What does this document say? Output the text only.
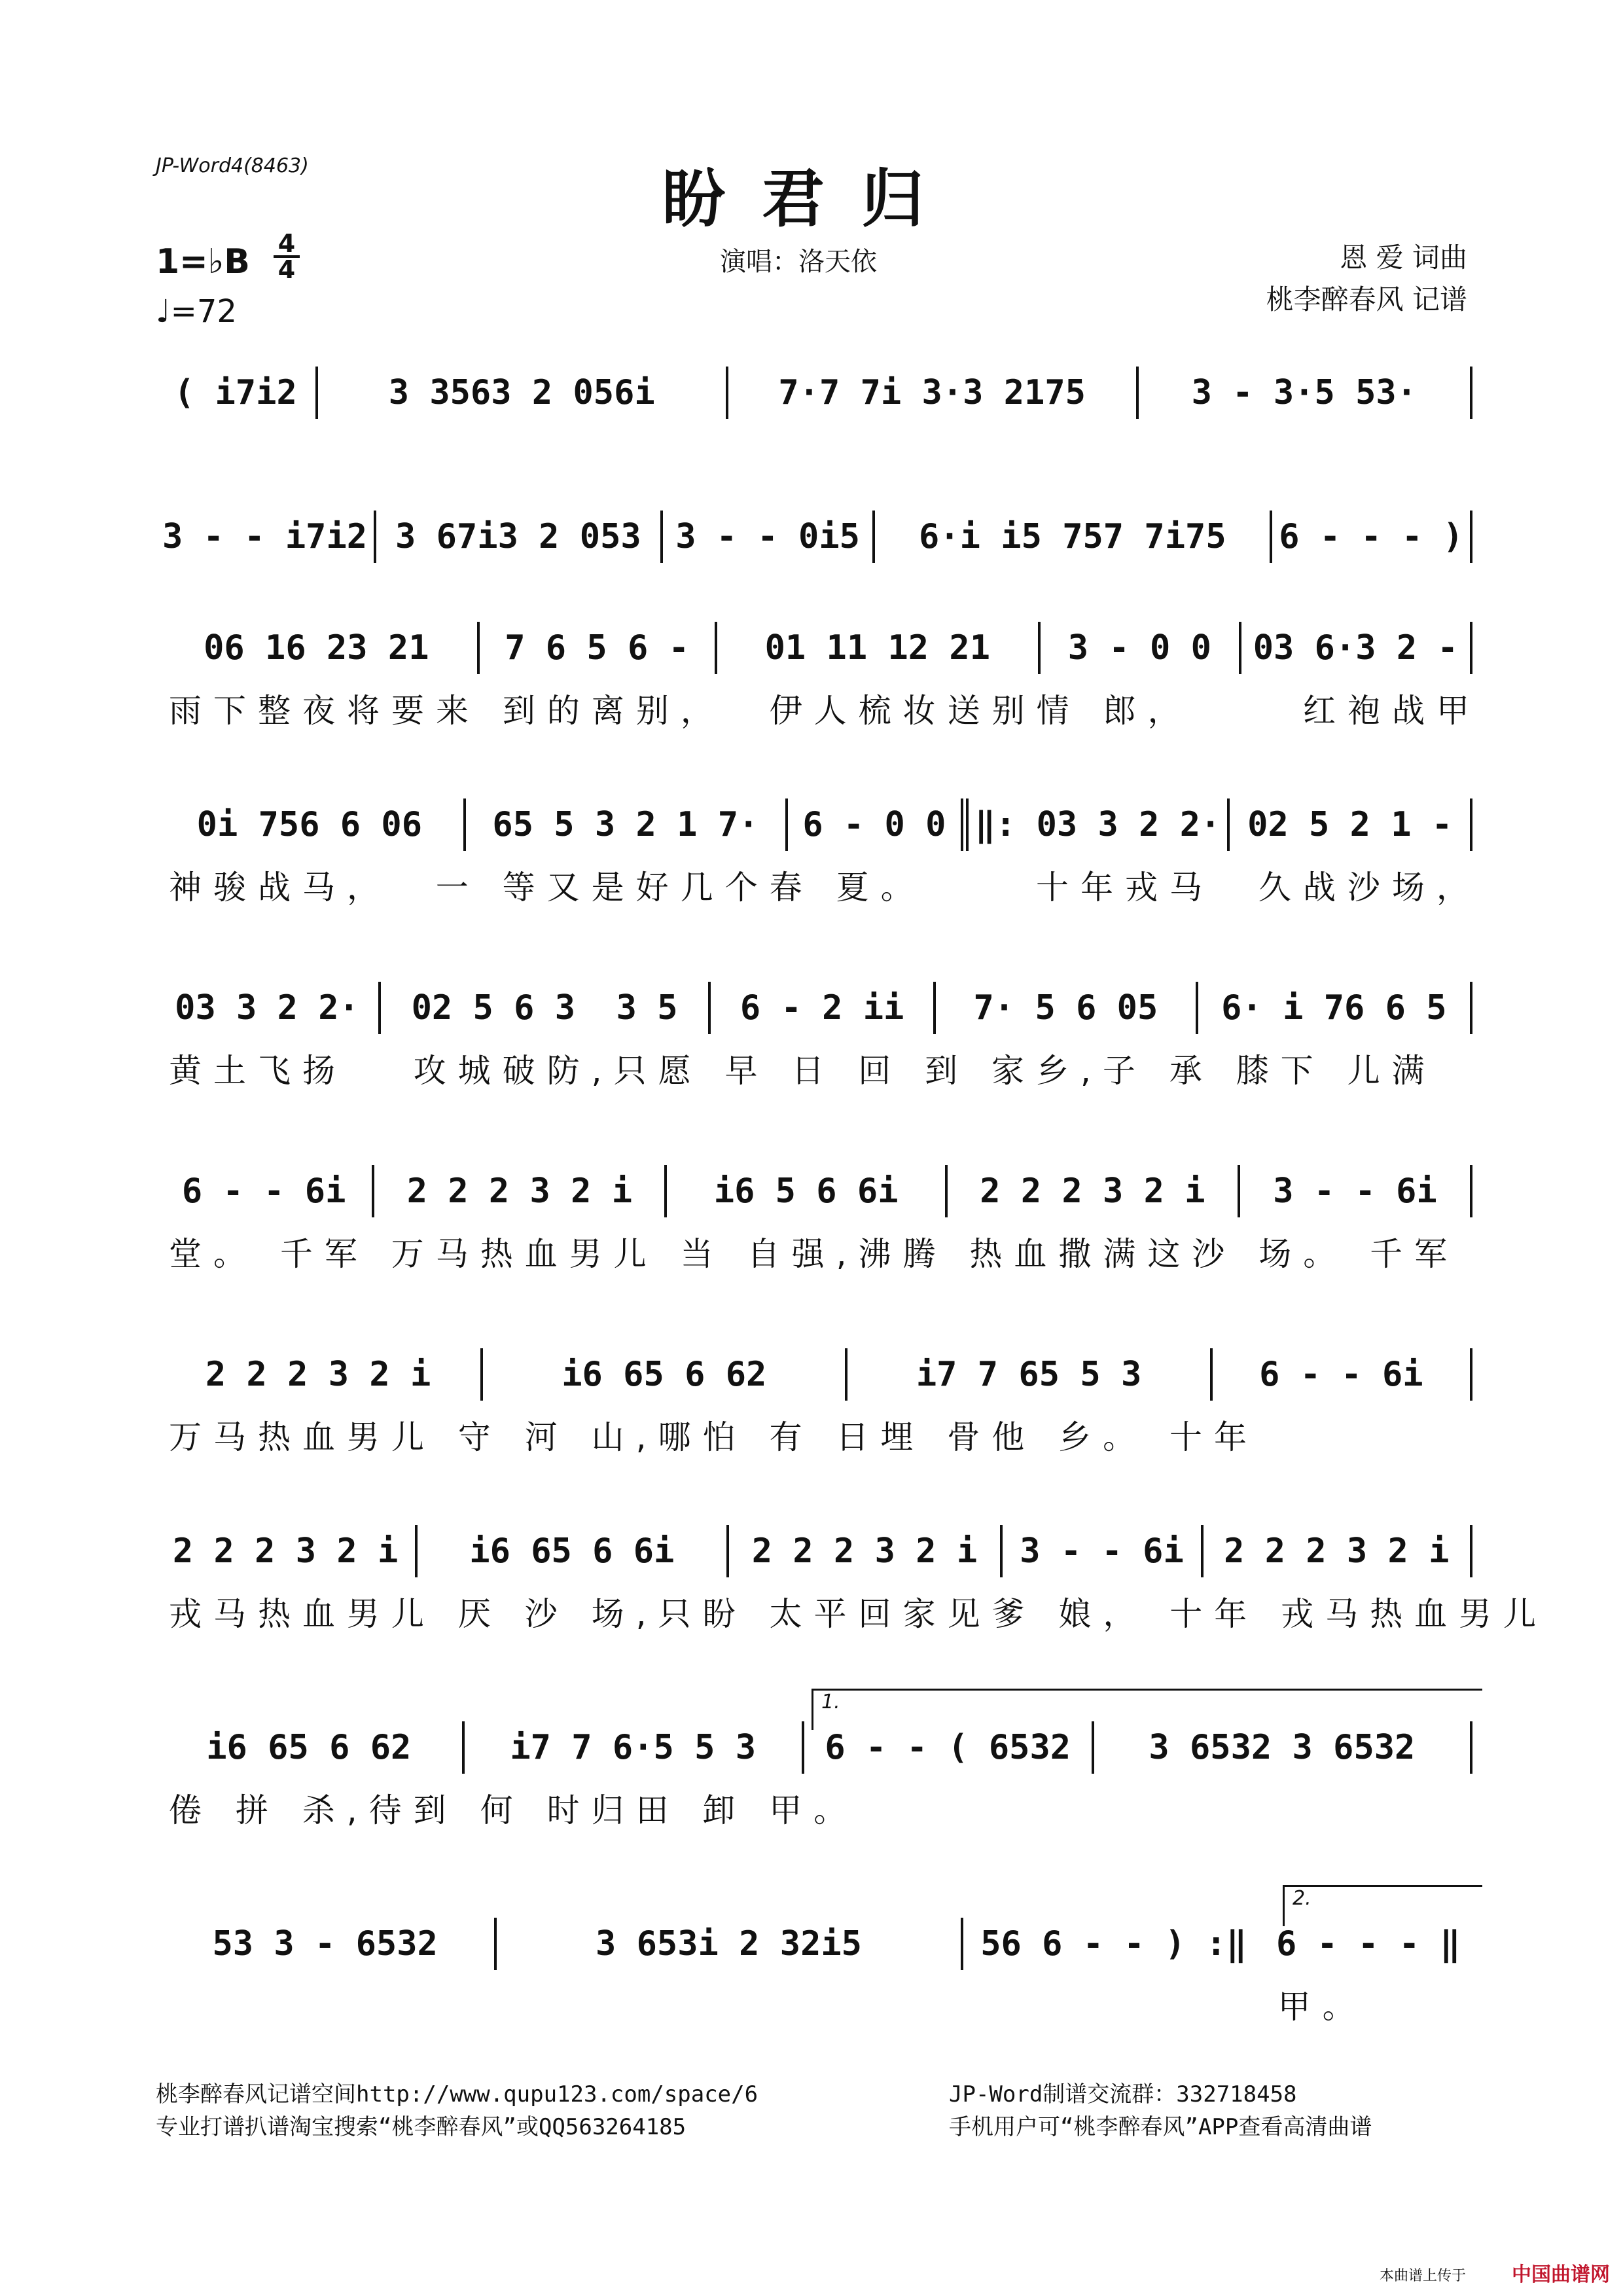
JP-Word4(8463)	盼君归
演唱：洛天依	恩 爱 词曲
桃李醉春风 记谱
1=♭B 4
4
♩=72
( i7i2	3 3563 2 056i	7·7 7i 3·3 2175	3 - 3·5 53·
3 - - i7i2 3 67i3 2 053 3 - - 0i5 6·i i5 757 7i75 6 - - - )
06 16 23 21 7 6 5 6 - 01 11 12 21 3 - 0 0 03 6·3 2 -
雨下整夜将要来 到的离别，  伊人梳妆送别情 郎，     红袍战甲
0i 756 6 06 65 5 3 2 1 7· 6 - 0 0 ‖: 03 3 2 2· 02 5 2 1 -
神骏战马，  一 等又是好几个春 夏。     十年戎马  久战沙场，
03 3 2 2· 02 5 6 3  3 5 6 - 2 ii 7· 5 6 05 6· i 76 6 5
黄土飞扬   攻城破防,只愿 早 日 回 到 家乡,子 承 膝下 儿满
6 - - 6i 2 2 2 3 2 i i6 5 6 6i 2 2 2 3 2 i 3 - - 6i
堂。 千军 万马热血男儿 当 自强,沸腾 热血撒满这沙 场。 千军
2 2 2 3 2 i	i6 65 6 62	i7 7 65 5 3	6 - - 6i
万马热血男儿 守 河 山,哪怕 有 日埋 骨他 乡。 十年
2 2 2 3 2 i i6 65 6 6i 2 2 2 3 2 i 3 - - 6i 2 2 2 3 2 i
戎马热血男儿 厌 沙 场,只盼 太平回家见爹 娘， 十年 戎马热血男儿
1.
i6 65 6 62	i7 7 6·5 5 3 6 - - ( 6532 3 6532 3 6532
倦 拼 杀,待到 何 时归田 卸 甲。
2.
53 3 - 6532	3 653i 2 32i5	56 6 - - ) :‖ 6 - - - ‖
甲。
桃李醉春风记谱空间http://www.qupu123.com/space/6
专业打谱扒谱淘宝搜索“桃李醉春风”或QQ563264185
JP-Word制谱交流群：332718458
手机用户可“桃李醉春风”APP查看高清曲谱
本曲谱上传于	中国曲谱网
